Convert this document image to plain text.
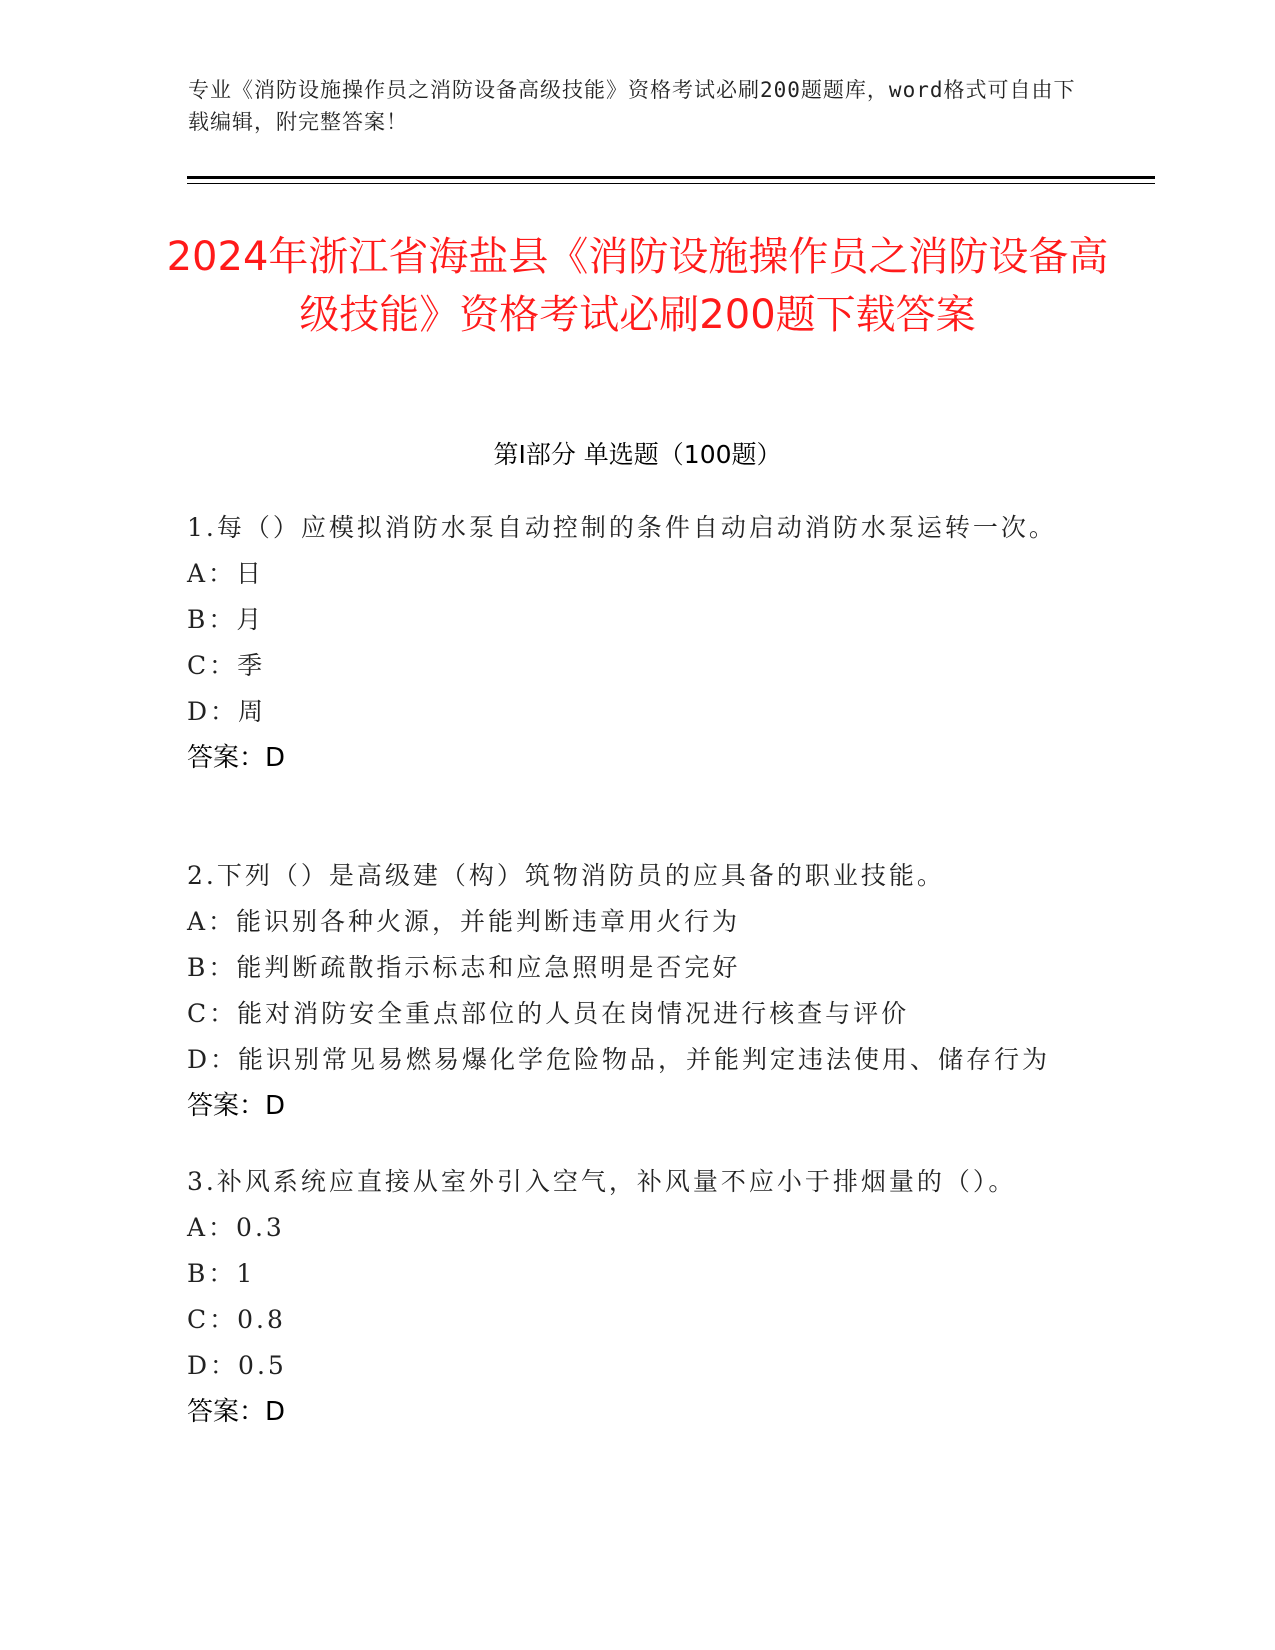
专业《消防设施操作员之消防设备高级技能》资格考试必刷200题题库，word格式可自由下载编辑，附完整答案！
2024年浙江省海盐县《消防设施操作员之消防设备高级技能》资格考试必刷200题下载答案
第I部分 单选题（100题）
1.每（）应模拟消防水泵自动控制的条件自动启动消防水泵运转一次。
A：日
B：月
C：季
D：周
答案：D
2.下列（）是高级建（构）筑物消防员的应具备的职业技能。
A：能识别各种火源，并能判断违章用火行为
B：能判断疏散指示标志和应急照明是否完好
C：能对消防安全重点部位的人员在岗情况进行核查与评价
D：能识别常见易燃易爆化学危险物品，并能判定违法使用、储存行为
答案：D
3.补风系统应直接从室外引入空气，补风量不应小于排烟量的（）。
A：0.3
B：1
C：0.8
D：0.5
答案：D
